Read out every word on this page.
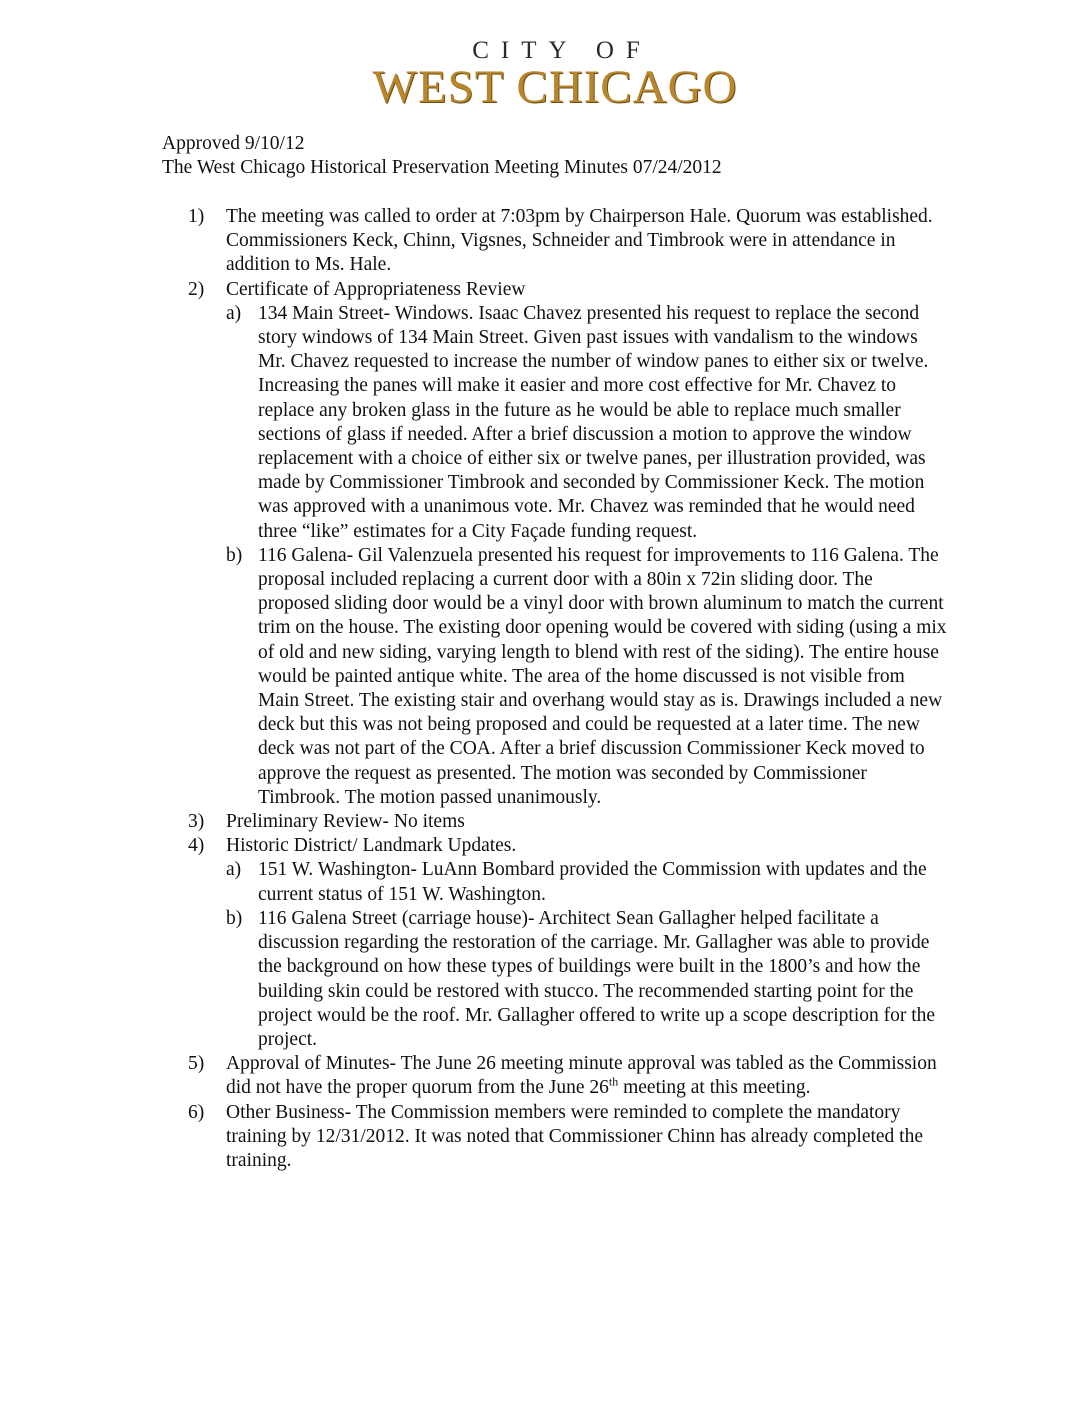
CITY OF
WEST CHICAGO
Approved 9/10/12
The West Chicago Historical Preservation Meeting Minutes 07/24/2012
1)	The meeting was called to order at 7:03pm by Chairperson Hale. Quorum was established. Commissioners Keck, Chinn, Vigsnes, Schneider and Timbrook were in attendance in addition to Ms. Hale.
2)	Certificate of Appropriateness Review
a) 134 Main Street- Windows. Isaac Chavez presented his request to replace the second story windows of 134 Main Street. Given past issues with vandalism to the windows Mr. Chavez requested to increase the number of window panes to either six or twelve. Increasing the panes will make it easier and more cost effective for Mr. Chavez to replace any broken glass in the future as he would be able to replace much smaller sections of glass if needed. After a brief discussion a motion to approve the window replacement with a choice of either six or twelve panes, per illustration provided, was made by Commissioner Timbrook and seconded by Commissioner Keck. The motion was approved with a unanimous vote. Mr. Chavez was reminded that he would need three “like” estimates for a City Façade funding request.
b) 116 Galena- Gil Valenzuela presented his request for improvements to 116 Galena. The proposal included replacing a current door with a 80in x 72in sliding door. The proposed sliding door would be a vinyl door with brown aluminum to match the current trim on the house. The existing door opening would be covered with siding (using a mix of old and new siding, varying length to blend with rest of the siding). The entire house would be painted antique white. The area of the home discussed is not visible from Main Street. The existing stair and overhang would stay as is. Drawings included a new deck but this was not being proposed and could be requested at a later time. The new deck was not part of the COA. After a brief discussion Commissioner Keck moved to approve the request as presented. The motion was seconded by Commissioner Timbrook. The motion passed unanimously.
3)	Preliminary Review- No items
4)	Historic District/ Landmark Updates.
a) 151 W. Washington- LuAnn Bombard provided the Commission with updates and the current status of 151 W. Washington.
b) 116 Galena Street (carriage house)- Architect Sean Gallagher helped facilitate a discussion regarding the restoration of the carriage. Mr. Gallagher was able to provide the background on how these types of buildings were built in the 1800’s and how the building skin could be restored with stucco. The recommended starting point for the project would be the roof. Mr. Gallagher offered to write up a scope description for the project.
5)	Approval of Minutes- The June 26 meeting minute approval was tabled as the Commission did not have the proper quorum from the June 26th meeting at this meeting.
6)	Other Business- The Commission members were reminded to complete the mandatory training by 12/31/2012. It was noted that Commissioner Chinn has already completed the training.
